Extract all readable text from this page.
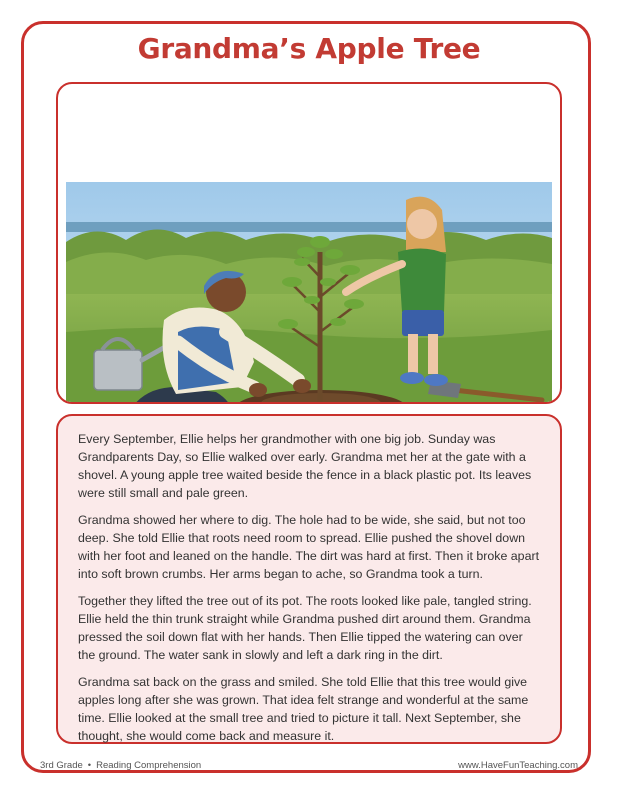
Grandma’s Apple Tree

Every September, Ellie helps her grandmother with one big job. Sunday was Grandparents Day, so Ellie walked over early. Grandma met her at the gate with a shovel. A young apple tree waited beside the fence in a black plastic pot. Its leaves were still small and pale green.

Grandma showed her where to dig. The hole had to be wide, she said, but not too deep. She told Ellie that roots need room to spread. Ellie pushed the shovel down with her foot and leaned on the handle. The dirt was hard at first. Then it broke apart into soft brown crumbs. Her arms began to ache, so Grandma took a turn.

Together they lifted the tree out of its pot. The roots looked like pale, tangled string. Ellie held the thin trunk straight while Grandma pushed dirt around them. Grandma pressed the soil down flat with her hands. Then Ellie tipped the watering can over the ground. The water sank in slowly and left a dark ring in the dirt.

Grandma sat back on the grass and smiled. She told Ellie that this tree would give apples long after she was grown. That idea felt strange and wonderful at the same time. Ellie looked at the small tree and tried to picture it tall. Next September, she thought, she would come back and measure it.

3rd Grade • Reading Comprehension	www.HaveFunTeaching.com
